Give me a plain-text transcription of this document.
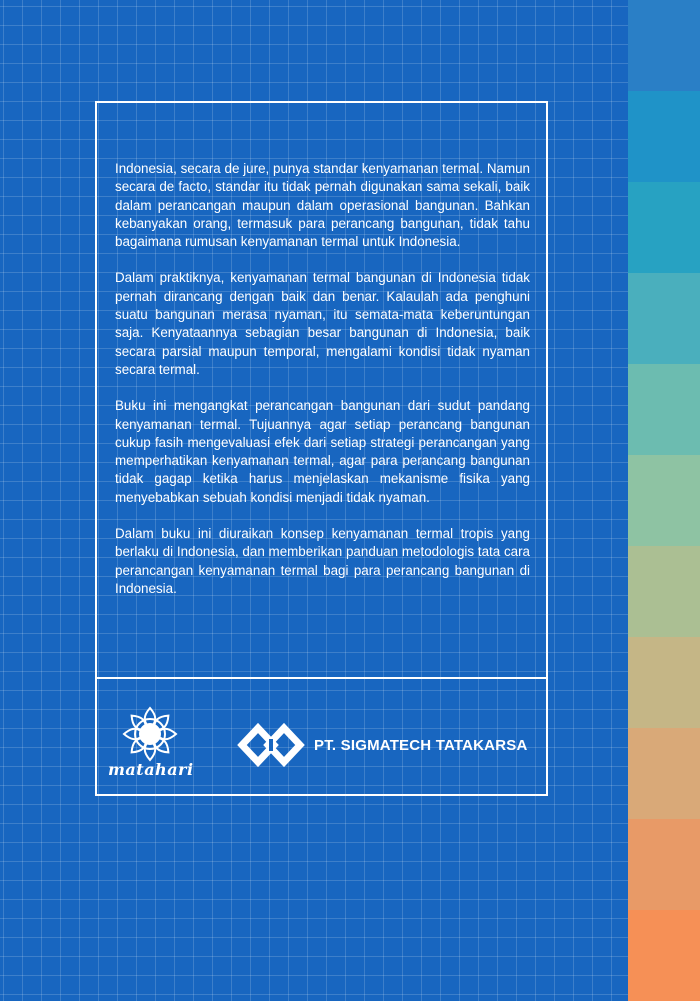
Indonesia, secara de jure, punya standar kenyamanan termal. Namun secara de facto, standar itu tidak pernah digunakan sama sekali, baik dalam perancangan maupun dalam operasional bangunan. Bahkan kebanyakan orang, termasuk para perancang bangunan, tidak tahu bagaimana rumusan kenyamanan termal untuk Indonesia.

Dalam praktiknya, kenyamanan termal bangunan di Indonesia tidak pernah dirancang dengan baik dan benar. Kalaulah ada penghuni suatu bangunan merasa nyaman, itu semata-mata keberuntungan saja. Kenyataannya sebagian besar bangunan di Indonesia, baik secara parsial maupun temporal, mengalami kondisi tidak nyaman secara termal.

Buku ini mengangkat perancangan bangunan dari sudut pandang kenyamanan termal. Tujuannya agar setiap perancang bangunan cukup fasih mengevaluasi efek dari setiap strategi perancangan yang memperhatikan kenyamanan termal, agar para perancang bangunan tidak gagap ketika harus menjelaskan mekanisme fisika yang menyebabkan sebuah kondisi menjadi tidak nyaman.

Dalam buku ini diuraikan konsep kenyamanan termal tropis yang berlaku di Indonesia, dan memberikan panduan metodologis tata cara perancangan kenyamanan termal bagi para perancang bangunan di Indonesia.

matahari
PT. SIGMATECH TATAKARSA
